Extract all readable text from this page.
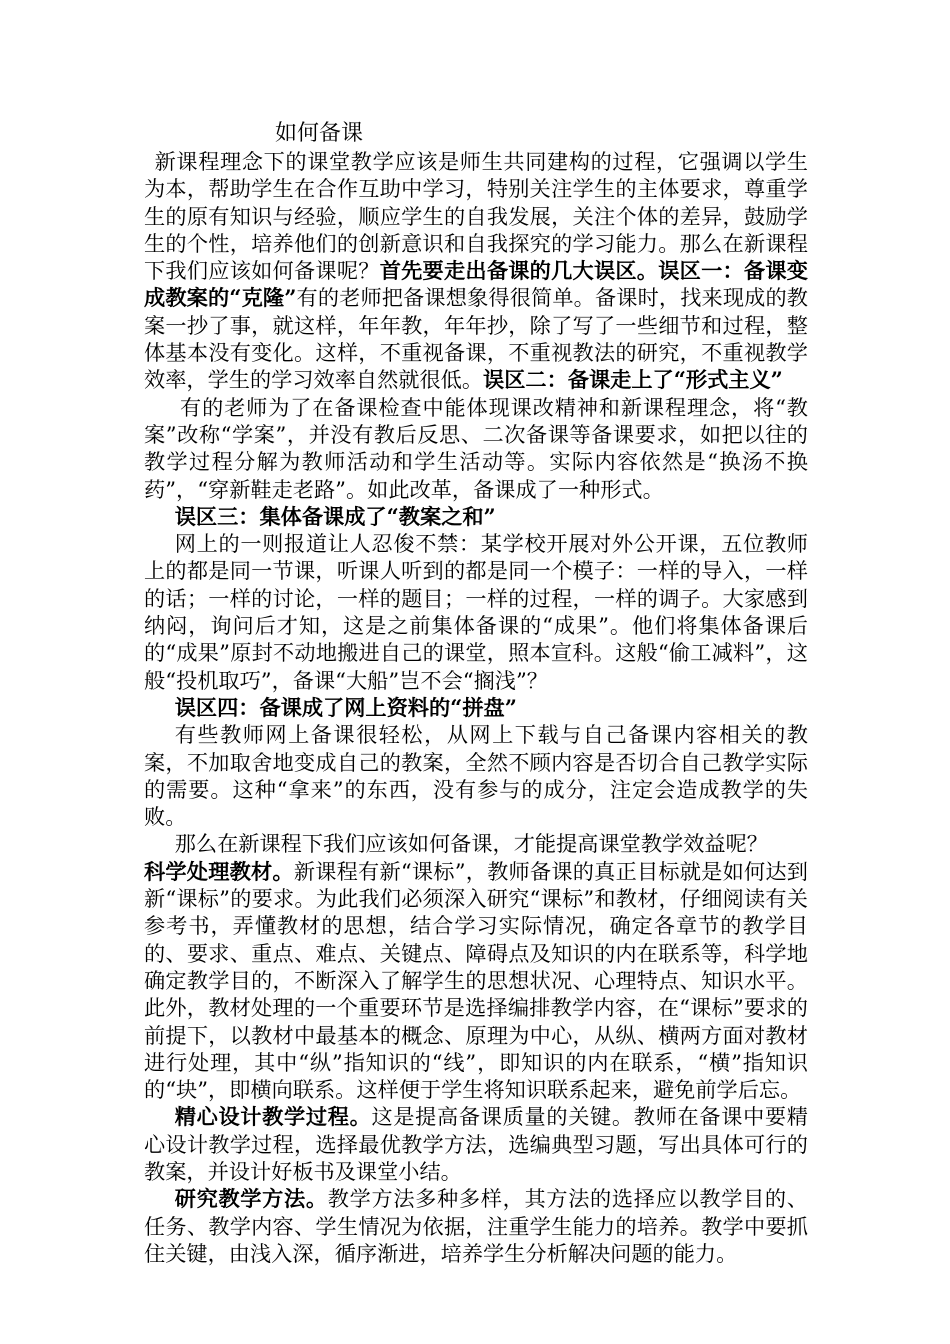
如何备课

新课程理念下的课堂教学应该是师生共同建构的过程，它强调以学生为本，帮助学生在合作互助中学习，特别关注学生的主体要求，尊重学生的原有知识与经验，顺应学生的自我发展，关注个体的差异，鼓励学生的个性，培养他们的创新意识和自我探究的学习能力。那么在新课程下我们应该如何备课呢？首先要走出备课的几大误区。误区一：备课变成教案的“克隆”有的老师把备课想象得很简单。备课时，找来现成的教案一抄了事，就这样，年年教，年年抄，除了写了一些细节和过程，整体基本没有变化。这样，不重视备课，不重视教法的研究，不重视教学效率，学生的学习效率自然就很低。误区二：备课走上了“形式主义”

有的老师为了在备课检查中能体现课改精神和新课程理念，将“教案”改称“学案”，并没有教后反思、二次备课等备课要求，如把以往的教学过程分解为教师活动和学生活动等。实际内容依然是“换汤不换药”，“穿新鞋走老路”。如此改革，备课成了一种形式。

误区三：集体备课成了“教案之和”

网上的一则报道让人忍俊不禁：某学校开展对外公开课，五位教师上的都是同一节课，听课人听到的都是同一个模子：一样的导入，一样的话；一样的讨论，一样的题目；一样的过程，一样的调子。大家感到纳闷，询问后才知，这是之前集体备课的“成果”。他们将集体备课后的“成果”原封不动地搬进自己的课堂，照本宣科。这般“偷工减料”，这般“投机取巧”，备课“大船”岂不会“搁浅”？

误区四：备课成了网上资料的“拼盘”

有些教师网上备课很轻松，从网上下载与自己备课内容相关的教案，不加取舍地变成自己的教案，全然不顾内容是否切合自己教学实际的需要。这种“拿来”的东西，没有参与的成分，注定会造成教学的失败。

那么在新课程下我们应该如何备课，才能提高课堂教学效益呢？

科学处理教材。新课程有新“课标”，教师备课的真正目标就是如何达到新“课标”的要求。为此我们必须深入研究“课标”和教材，仔细阅读有关参考书，弄懂教材的思想，结合学习实际情况，确定各章节的教学目的、要求、重点、难点、关键点、障碍点及知识的内在联系等，科学地确定教学目的，不断深入了解学生的思想状况、心理特点、知识水平。此外，教材处理的一个重要环节是选择编排教学内容，在“课标”要求的前提下，以教材中最基本的概念、原理为中心，从纵、横两方面对教材进行处理，其中“纵”指知识的“线”，即知识的内在联系，“横”指知识的“块”，即横向联系。这样便于学生将知识联系起来，避免前学后忘。

精心设计教学过程。这是提高备课质量的关键。教师在备课中要精心设计教学过程，选择最优教学方法，选编典型习题，写出具体可行的教案，并设计好板书及课堂小结。

研究教学方法。教学方法多种多样，其方法的选择应以教学目的、任务、教学内容、学生情况为依据，注重学生能力的培养。教学中要抓住关键，由浅入深，循序渐进，培养学生分析解决问题的能力。
